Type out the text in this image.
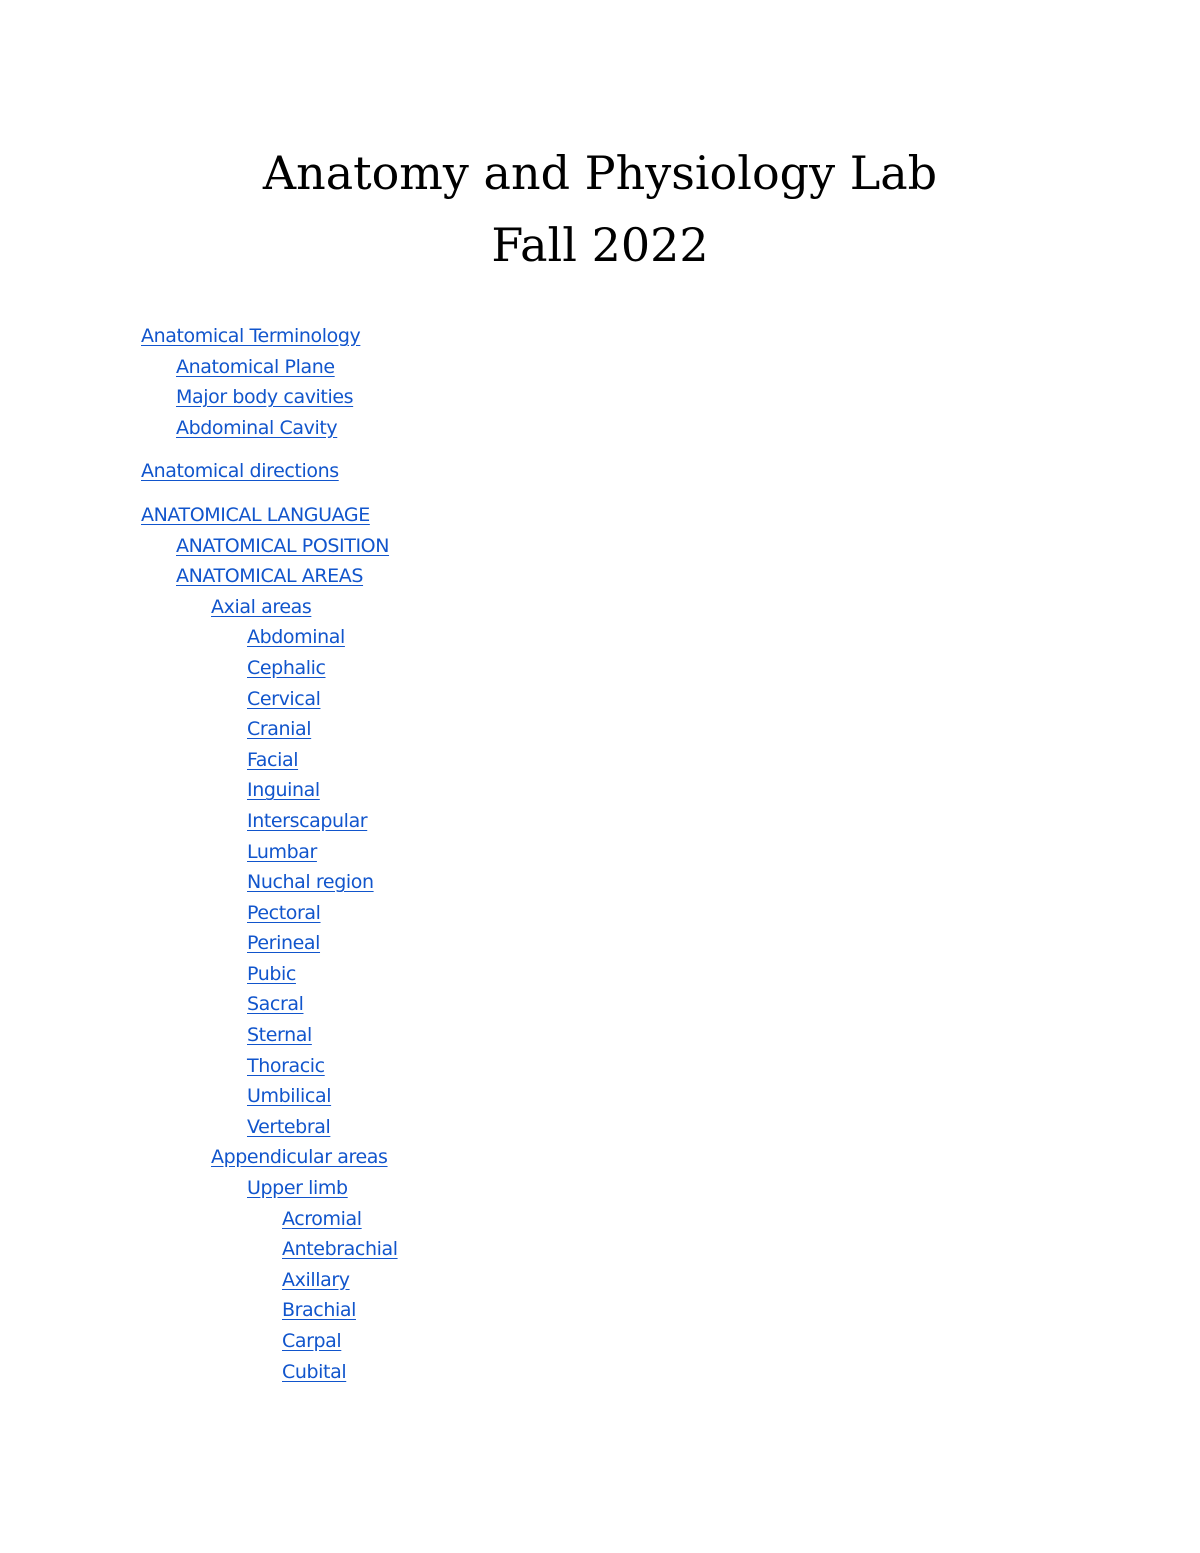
Anatomy and Physiology Lab
Fall 2022
Anatomical Terminology
Anatomical Plane
Major body cavities
Abdominal Cavity
Anatomical directions
ANATOMICAL LANGUAGE
ANATOMICAL POSITION
ANATOMICAL AREAS
Axial areas
Abdominal
Cephalic
Cervical
Cranial
Facial
Inguinal
Interscapular
Lumbar
Nuchal region
Pectoral
Perineal
Pubic
Sacral
Sternal
Thoracic
Umbilical
Vertebral
Appendicular areas
Upper limb
Acromial
Antebrachial
Axillary
Brachial
Carpal
Cubital
